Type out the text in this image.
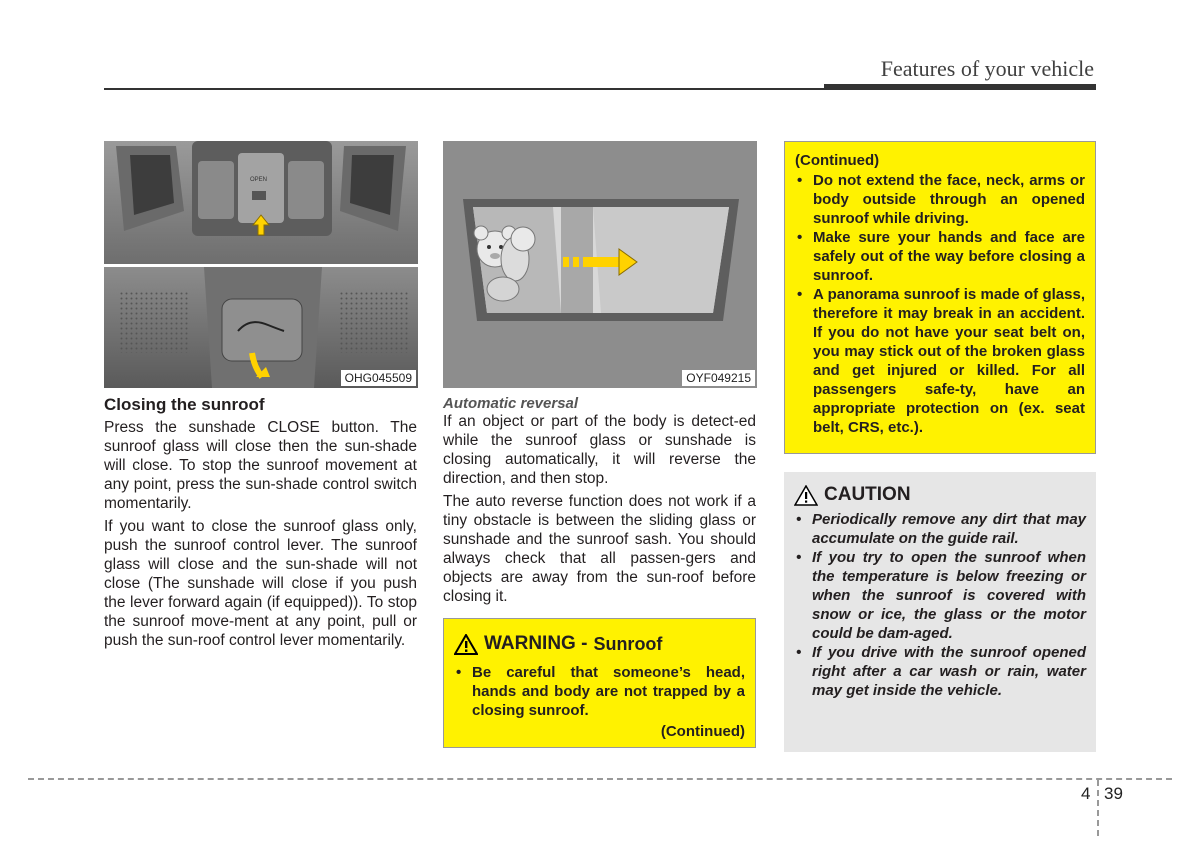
Features of your vehicle
OPEN
OHG045509	OYF049215
Closing the sunroof

Press the sunshade CLOSE button. The sunroof glass will close then the sun-shade will close. To stop the sunroof movement at any point, press the sun-shade control switch momentarily.

If you want to close the sunroof glass only, push the sunroof control lever. The sunroof glass will close and the sun-shade will not close (The sunshade will close if you push the lever forward again (if equipped)). To stop the sunroof move-ment at any point, pull or push the sun-roof control lever momentarily.

Automatic reversal

If an object or part of the body is detect-ed while the sunroof glass or sunshade is closing automatically, it will reverse the direction, and then stop.

The auto reverse function does not work if a tiny obstacle is between the sliding glass or sunshade and the sunroof sash. You should always check that all passen-gers and objects are away from the sun-roof before closing it.

WARNING - Sunroof
• Be careful that someone’s head, hands and body are not trapped by a closing sunroof.
(Continued)
(Continued)
• Do not extend the face, neck, arms or body outside through an opened sunroof while driving.
• Make sure your hands and face are safely out of the way before closing a sunroof.
• A panorama sunroof is made of glass, therefore it may break in an accident. If you do not have your seat belt on, you may stick out of the broken glass and get injured or killed. For all passengers safe-ty, have an appropriate protection on (ex. seat belt, CRS, etc.).
CAUTION
• Periodically remove any dirt that may accumulate on the guide rail.
• If you try to open the sunroof when the temperature is below freezing or when the sunroof is covered with snow or ice, the glass or the motor could be dam-aged.
• If you drive with the sunroof opened right after a car wash or rain, water may get inside the vehicle.
4 39
